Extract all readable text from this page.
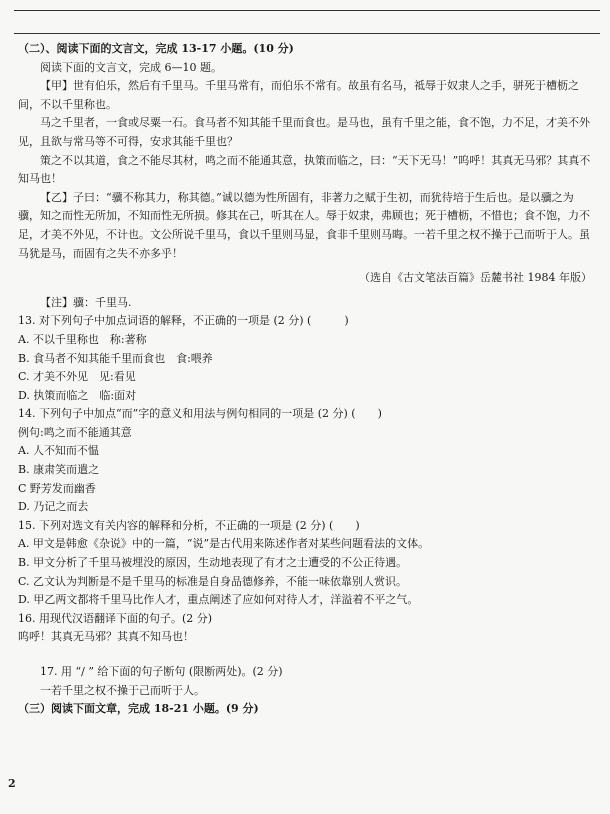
（二）、阅读下面的文言文，完成 13-17 小题。(10 分)

阅读下面的文言文，完成 6—10 题。

【甲】世有伯乐，然后有千里马。千里马常有，而伯乐不常有。故虽有名马，祗辱于奴隶人之手，骈死于槽枥之间，不以千里称也。

马之千里者，一食或尽粟一石。食马者不知其能千里而食也。是马也，虽有千里之能，食不饱，力不足，才美不外见，且欲与常马等不可得，安求其能千里也？

策之不以其道，食之不能尽其材，鸣之而不能通其意，执策而临之，曰：“天下无马！”呜呼！其真无马邪？其真不知马也！

【乙】子曰：“骥不称其力，称其德。”诚以德为性所固有，非著力之赋于生初，而犹待培于生后也。是以骥之为骥，知之而性无所加，不知而性无所损。修其在己，听其在人。辱于奴隶，弗顾也；死于槽枥，不惜也；食不饱，力不足，才美不外见，不计也。文公所说千里马，食以千里则马显，食非千里则马晦。一若千里之权不操于己而听于人。虽马犹是马，而固有之失不亦多乎！

（选自《古文笔法百篇》岳麓书社 1984 年版）

【注】骥：千里马.

13. 对下列句子中加点词语的解释，不正确的一项是 (2 分) (　　　)

A. 不以千里称也　称:著称

B. 食马者不知其能千里而食也　食:喂养

C. 才美不外见　见:看见

D. 执策而临之　临:面对

14. 下列句子中加点“而”字的意义和用法与例句相同的一项是 (2 分) (　　)

例句:鸣之而不能通其意

A. 人不知而不愠

B. 康肃笑而遣之

C 野芳发而幽香

D. 乃记之而去

15. 下列对选文有关内容的解释和分析，不正确的一项是 (2 分) (　　)

A. 甲文是韩愈《杂说》中的一篇，“说”是古代用来陈述作者对某些问题看法的文体。

B. 甲文分析了千里马被埋没的原因，生动地表现了有才之士遭受的不公正待遇。

C. 乙文认为判断是不是千里马的标准是自身品德修养，不能一味依靠别人赏识。

D. 甲乙两文都将千里马比作人才，重点阐述了应如何对待人才，洋溢着不平之气。

16. 用现代汉语翻译下面的句子。(2 分)

呜呼！其真无马邪？其真不知马也！

17. 用 “/ ” 给下面的句子断句 (限断两处)。(2 分)

一若千里之权不操于己而听于人。

（三）阅读下面文章，完成 18-21 小题。(9 分)

2
